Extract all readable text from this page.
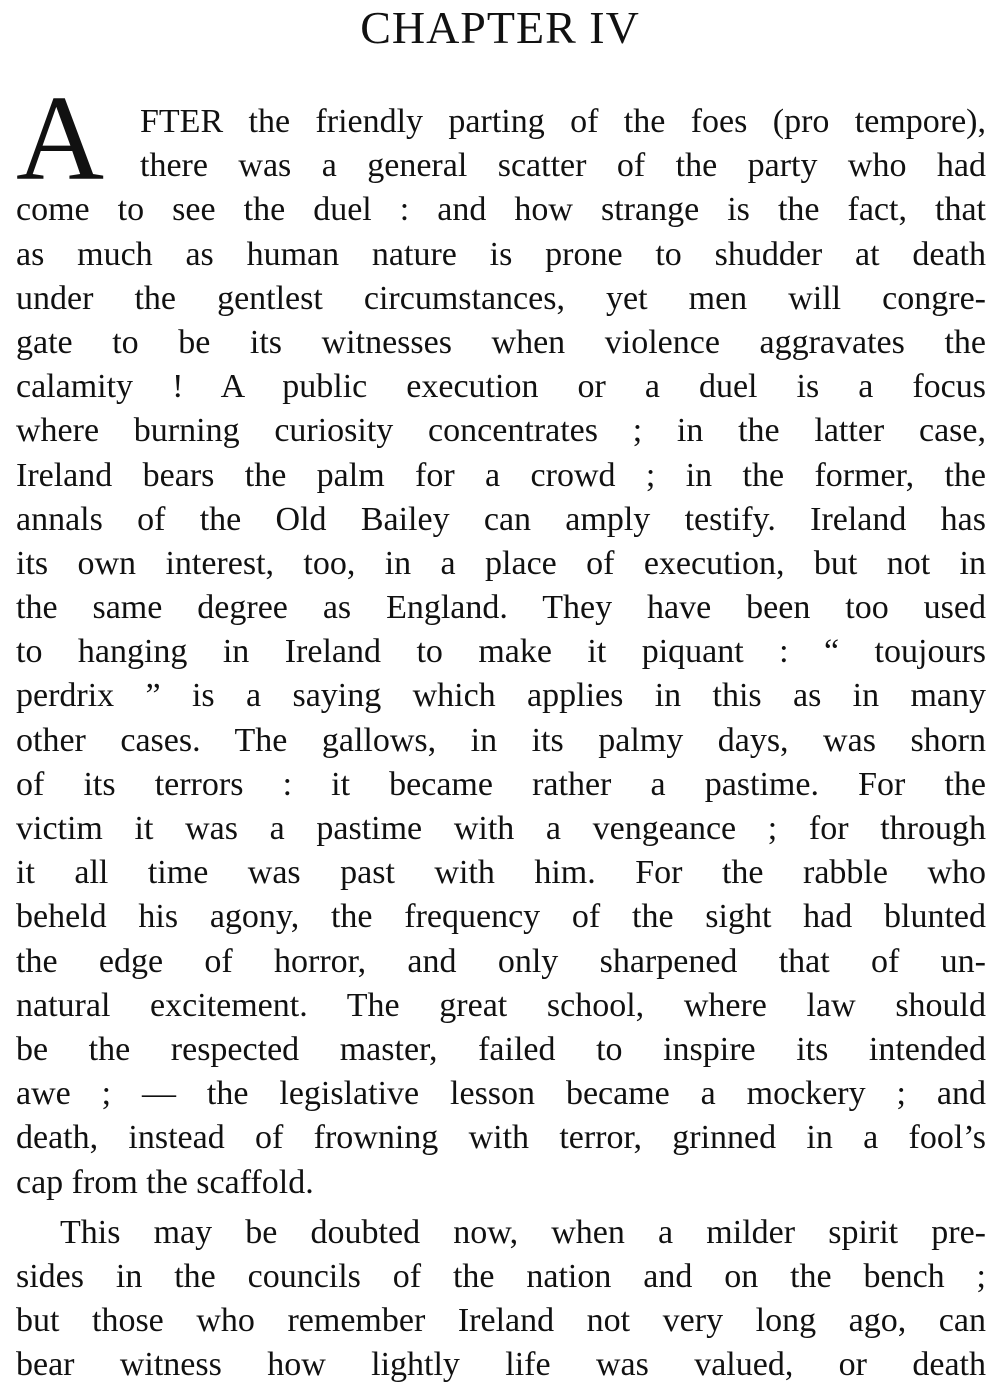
CHAPTER IV
A FTER the friendly parting of the foes (pro tempore),
there was a general scatter of the party who had
come to see the duel : and how strange is the fact, that
as much as human nature is prone to shudder at death
under the gentlest circumstances, yet men will congre-
gate to be its witnesses when violence aggravates the
calamity ! A public execution or a duel is a focus
where burning curiosity concentrates ; in the latter case,
Ireland bears the palm for a crowd ; in the former, the
annals of the Old Bailey can amply testify. Ireland has
its own interest, too, in a place of execution, but not in
the same degree as England. They have been too used
to hanging in Ireland to make it piquant : “ toujours
perdrix ” is a saying which applies in this as in many
other cases. The gallows, in its palmy days, was shorn
of its terrors : it became rather a pastime. For the
victim it was a pastime with a vengeance ; for through
it all time was past with him. For the rabble who
beheld his agony, the frequency of the sight had blunted
the edge of horror, and only sharpened that of un-
natural excitement. The great school, where law should
be the respected master, failed to inspire its intended
awe ; — the legislative lesson became a mockery ; and
death, instead of frowning with terror, grinned in a fool’s
cap from the scaffold.
This may be doubted now, when a milder spirit pre-
sides in the councils of the nation and on the bench ;
but those who remember Ireland not very long ago, can
bear witness how lightly life was valued, or death
